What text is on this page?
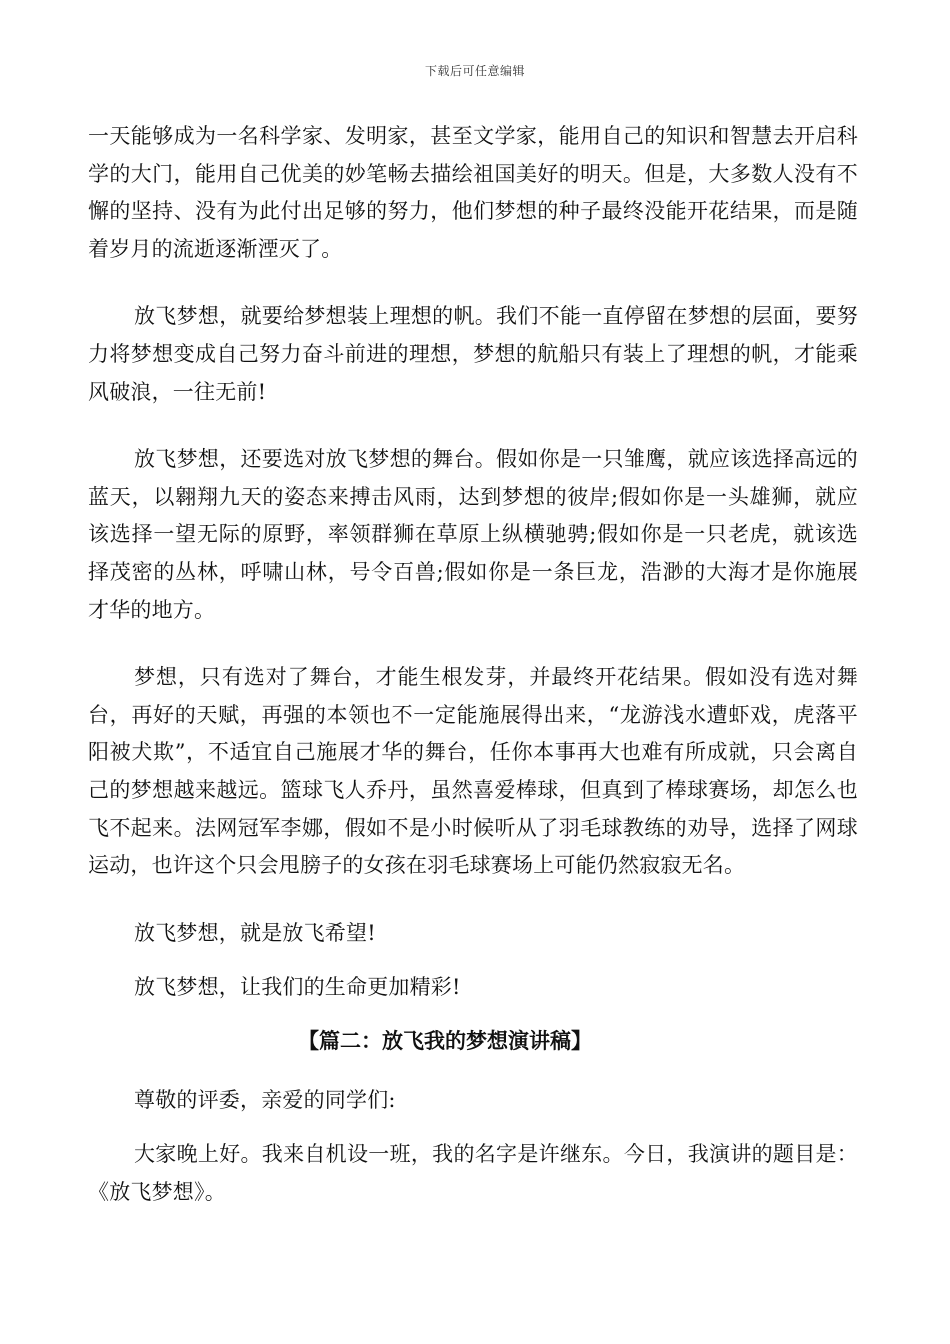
下载后可任意编辑

一天能够成为一名科学家、发明家，甚至文学家，能用自己的知识和智慧去开启科学的大门，能用自己优美的妙笔畅去描绘祖国美好的明天。但是，大多数人没有不懈的坚持、没有为此付出足够的努力，他们梦想的种子最终没能开花结果，而是随着岁月的流逝逐渐湮灭了。

放飞梦想，就要给梦想装上理想的帆。我们不能一直停留在梦想的层面，要努力将梦想变成自己努力奋斗前进的理想，梦想的航船只有装上了理想的帆，才能乘风破浪，一往无前!

放飞梦想，还要选对放飞梦想的舞台。假如你是一只雏鹰，就应该选择高远的蓝天，以翱翔九天的姿态来搏击风雨，达到梦想的彼岸;假如你是一头雄狮，就应该选择一望无际的原野，率领群狮在草原上纵横驰骋;假如你是一只老虎，就该选择茂密的丛林，呼啸山林，号令百兽;假如你是一条巨龙，浩渺的大海才是你施展才华的地方。

梦想，只有选对了舞台，才能生根发芽，并最终开花结果。假如没有选对舞台，再好的天赋，再强的本领也不一定能施展得出来，“龙游浅水遭虾戏，虎落平阳被犬欺”，不适宜自己施展才华的舞台，任你本事再大也难有所成就，只会离自己的梦想越来越远。篮球飞人乔丹，虽然喜爱棒球，但真到了棒球赛场，却怎么也飞不起来。法网冠军李娜，假如不是小时候听从了羽毛球教练的劝导，选择了网球运动，也许这个只会甩膀子的女孩在羽毛球赛场上可能仍然寂寂无名。

放飞梦想，就是放飞希望!

放飞梦想，让我们的生命更加精彩!

【篇二：放飞我的梦想演讲稿】

尊敬的评委，亲爱的同学们:

大家晚上好。我来自机设一班，我的名字是许继东。今日，我演讲的题目是：《放飞梦想》。
